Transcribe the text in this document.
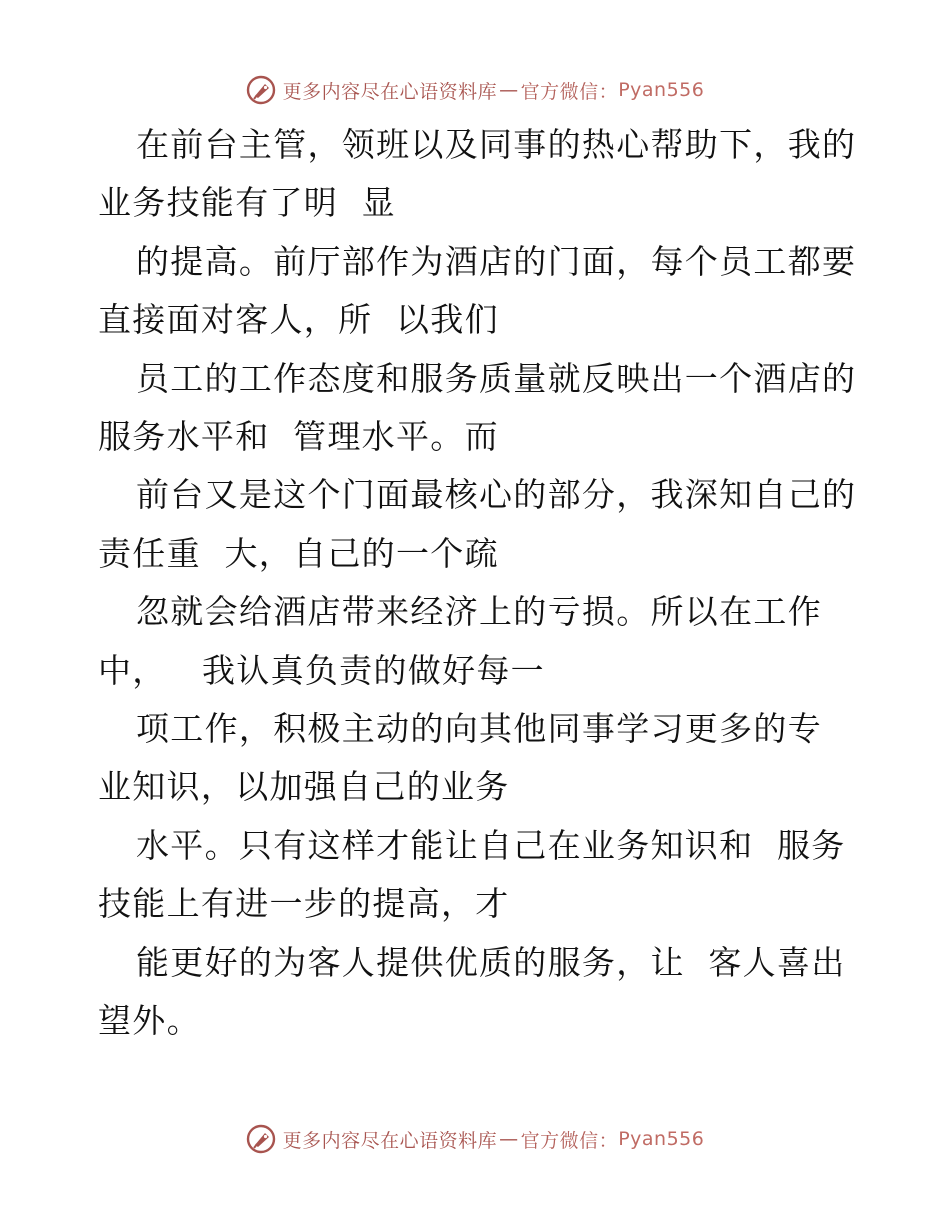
更多内容尽在心语资料库 — 官方微信： Pyan556
在前台主管，领班以及同事的热心帮助下，我的
业务技能有了明  显
的提高。前厅部作为酒店的门面，每个员工都要
直接面对客人，所  以我们
员工的工作态度和服务质量就反映出一个酒店的
服务水平和  管理水平。而
前台又是这个门面最核心的部分，我深知自己的
责任重  大，自己的一个疏
忽就会给酒店带来经济上的亏损。所以在工作
中，   我认真负责的做好每一
项工作，积极主动的向其他同事学习更多的专
业知识，以加强自己的业务
水平。只有这样才能让自己在业务知识和  服务
技能上有进一步的提高，才
能更好的为客人提供优质的服务，让  客人喜出
望外。
更多内容尽在心语资料库 — 官方微信： Pyan556
